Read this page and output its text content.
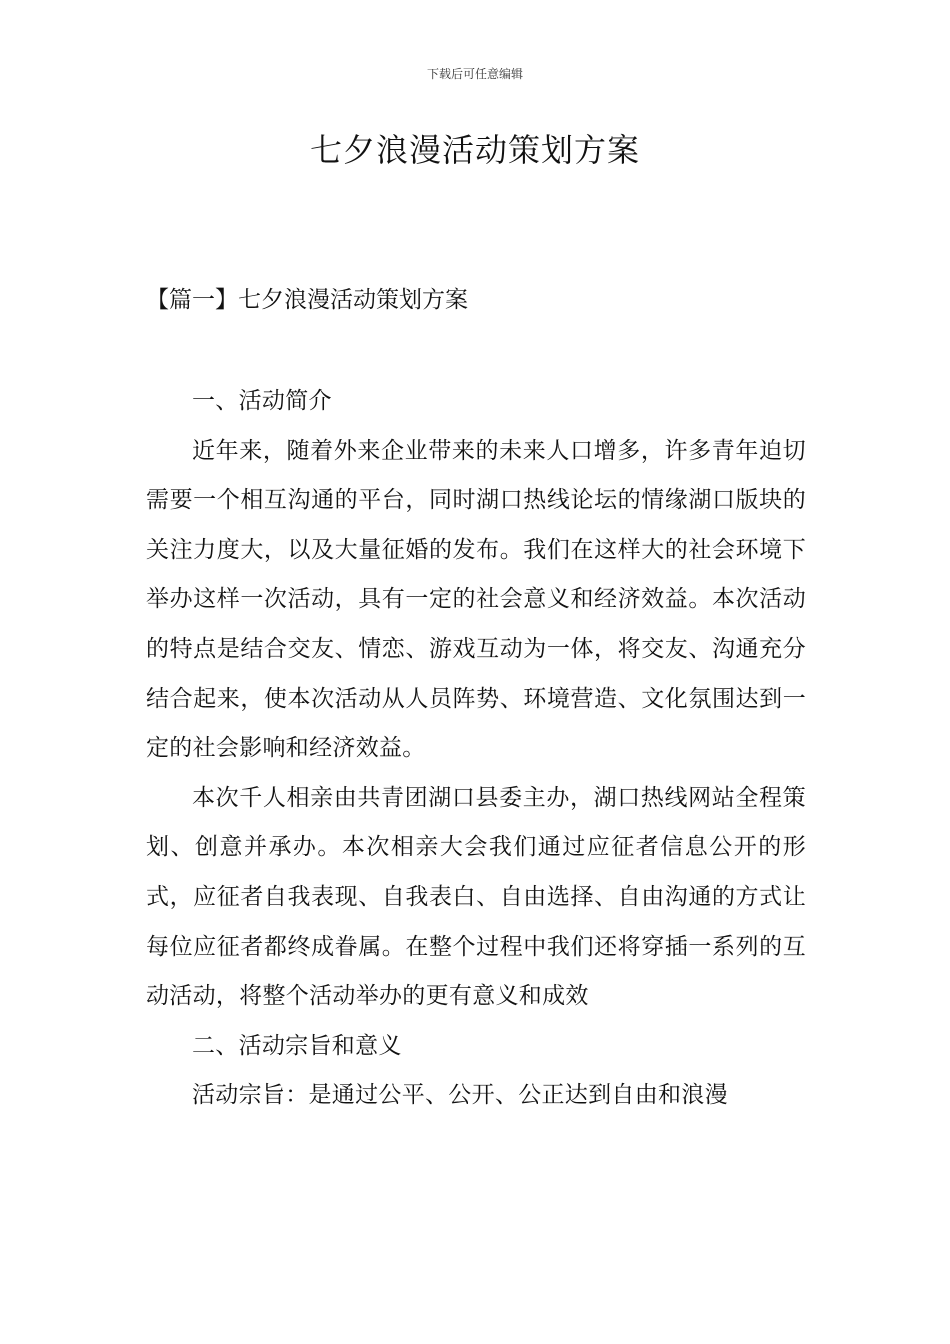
下载后可任意编辑
七夕浪漫活动策划方案
【篇一】七夕浪漫活动策划方案

一、活动简介

近年来，随着外来企业带来的未来人口增多，许多青年迫切需要一个相互沟通的平台，同时湖口热线论坛的情缘湖口版块的关注力度大，以及大量征婚的发布。我们在这样大的社会环境下举办这样一次活动，具有一定的社会意义和经济效益。本次活动的特点是结合交友、情恋、游戏互动为一体，将交友、沟通充分结合起来，使本次活动从人员阵势、环境营造、文化氛围达到一定的社会影响和经济效益。

本次千人相亲由共青团湖口县委主办，湖口热线网站全程策划、创意并承办。本次相亲大会我们通过应征者信息公开的形式，应征者自我表现、自我表白、自由选择、自由沟通的方式让每位应征者都终成眷属。在整个过程中我们还将穿插一系列的互动活动，将整个活动举办的更有意义和成效

二、活动宗旨和意义

活动宗旨：是通过公平、公开、公正达到自由和浪漫
